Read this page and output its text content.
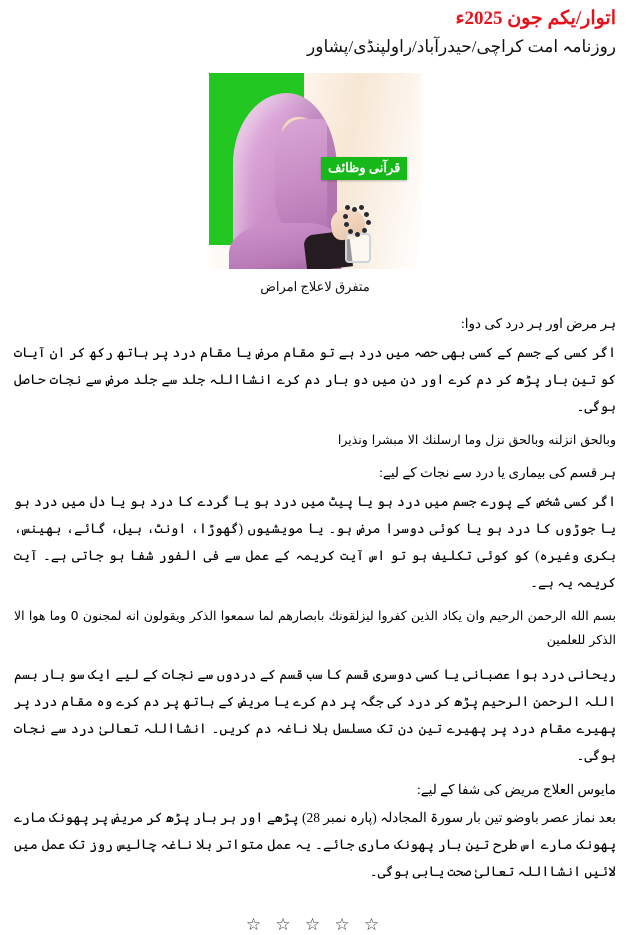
اتوار/یکم جون 2025ء
روزنامہ امت کراچی/حیدرآباد/راولپنڈی/پشاور
قرآنی وظائف
متفرق لاعلاج امراض

ہر مرض اور ہر درد کی دوا:

اگر کسی کے جسم کے کسی بھی حصہ میں درد ہے تو مقام مرض یا مقام درد پر ہاتھ رکھ کر ان آیات کو تین بار پڑھ کر دم کرے اور دن میں دو بار دم کرے انشااللہ جلد سے جلد مرض سے نجات حاصل ہوگی۔

وبالحق انزلنه وبالحق نزل وما ارسلنك الا مبشرا ونذيرا

ہر قسم کی بیماری یا درد سے نجات کے لیے:

اگر کسی شخص کے پورے جسم میں درد ہو یا پیٹ میں درد ہو یا گردے کا درد ہو یا دل میں درد ہو یا جوڑوں کا درد ہو یا کوئی دوسرا مرض ہو۔ یا مویشیوں (گھوڑا، اونٹ، بیل، گائے، بھینس، بکری وغیرہ) کو کوئی تکلیف ہو تو اس آیت کریمہ کے عمل سے فی الفور شفا ہو جاتی ہے۔ آیت کریمہ یہ ہے۔

بسم الله الرحمن الرحيم وان يكاد الذين كفروا ليزلقونك بابصارهم لما سمعوا الذكر ويقولون انه لمجنون 0 وما هوا الا الذكر للعلمين

ریحانی درد ہوا عصبانی یا کسی دوسری قسم کا سب قسم کے دردوں سے نجات کے لیے ایک سو بار بسم اللہ الرحمن الرحیم پڑھ کر درد کی جگہ پر دم کرے یا مریض کے ہاتھ پر دم کرے وہ مقام درد پر پھیرے مقام درد پر پھیرے تین دن تک مسلسل بلا ناغہ دم کریں۔ انشااللہ تعالیٰ درد سے نجات ہوگی۔

مایوس العلاج مریض کی شفا کے لیے:

بعد نماز عصر باوضو تین بار سورۃ المجادلہ (پارہ نمبر 28) پڑھے اور ہر بار پڑھ کر مریض پر پھونک مارے پھونک مارے اس طرح تین بار پھونک ماری جائے۔ یہ عمل متواتر بلا ناغہ چالیس روز تک عمل میں لائیں انشااللہ تعالیٰ صحت یابی ہوگی۔

☆ ☆ ☆ ☆ ☆
